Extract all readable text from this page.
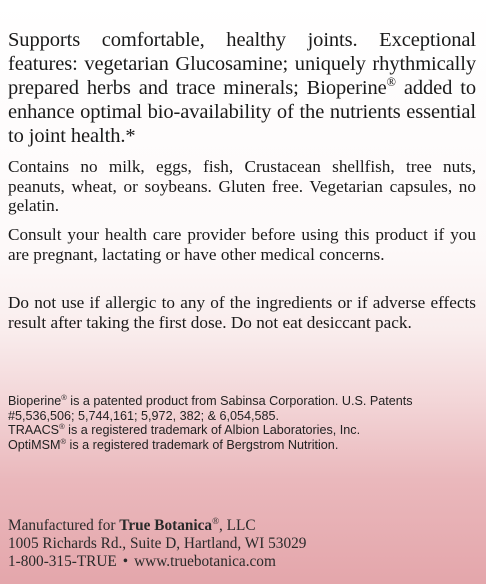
Supports comfortable, healthy joints. Exceptional features: vegetarian Glucosamine; uniquely rhythmically prepared herbs and trace minerals; Bioperine® added to enhance optimal bio-availability of the nutrients essential to joint health.*

Contains no milk, eggs, fish, Crustacean shellfish, tree nuts, peanuts, wheat, or soybeans. Gluten free. Vegetarian capsules, no gelatin.

Consult your health care provider before using this product if you are pregnant, lactating or have other medical concerns.

Do not use if allergic to any of the ingredients or if adverse effects result after taking the first dose. Do not eat desiccant pack.

Bioperine® is a patented product from Sabinsa Corporation. U.S. Patents #5,536,506; 5,744,161; 5,972, 382; & 6,054,585.

TRAACS® is a registered trademark of Albion Laboratories, Inc.

OptiMSM® is a registered trademark of Bergstrom Nutrition.

Manufactured for True Botanica®, LLC

1005 Richards Rd., Suite D, Hartland, WI 53029

1-800-315-TRUE • www.truebotanica.com
